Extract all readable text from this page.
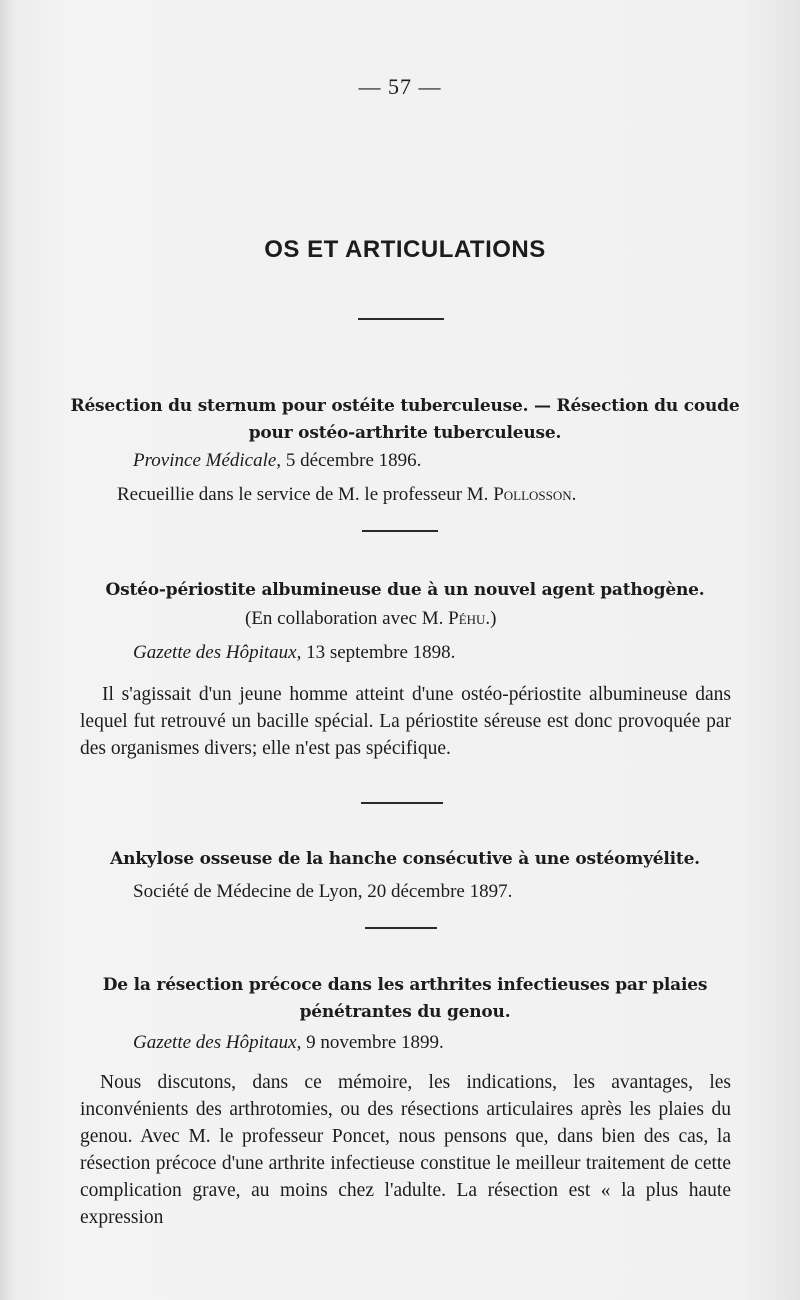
— 57 —
OS ET ARTICULATIONS
Résection du sternum pour ostéite tuberculeuse. — Résection du coude pour ostéo-arthrite tuberculeuse.
Province Médicale, 5 décembre 1896.
Recueillie dans le service de M. le professeur M. Pollosson.
Ostéo-périostite albumineuse due à un nouvel agent pathogène.
(En collaboration avec M. Péhu.)
Gazette des Hôpitaux, 13 septembre 1898.
Il s'agissait d'un jeune homme atteint d'une ostéo-périostite albumineuse dans lequel fut retrouvé un bacille spécial. La périostite séreuse est donc provoquée par des organismes divers; elle n'est pas spécifique.
Ankylose osseuse de la hanche consécutive à une ostéomyélite.
Société de Médecine de Lyon, 20 décembre 1897.
De la résection précoce dans les arthrites infectieuses par plaies pénétrantes du genou.
Gazette des Hôpitaux, 9 novembre 1899.
Nous discutons, dans ce mémoire, les indications, les avantages, les inconvénients des arthrotomies, ou des résections articulaires après les plaies du genou. Avec M. le professeur Poncet, nous pensons que, dans bien des cas, la résection précoce d'une arthrite infectieuse constitue le meilleur traitement de cette complication grave, au moins chez l'adulte. La résection est « la plus haute expression
